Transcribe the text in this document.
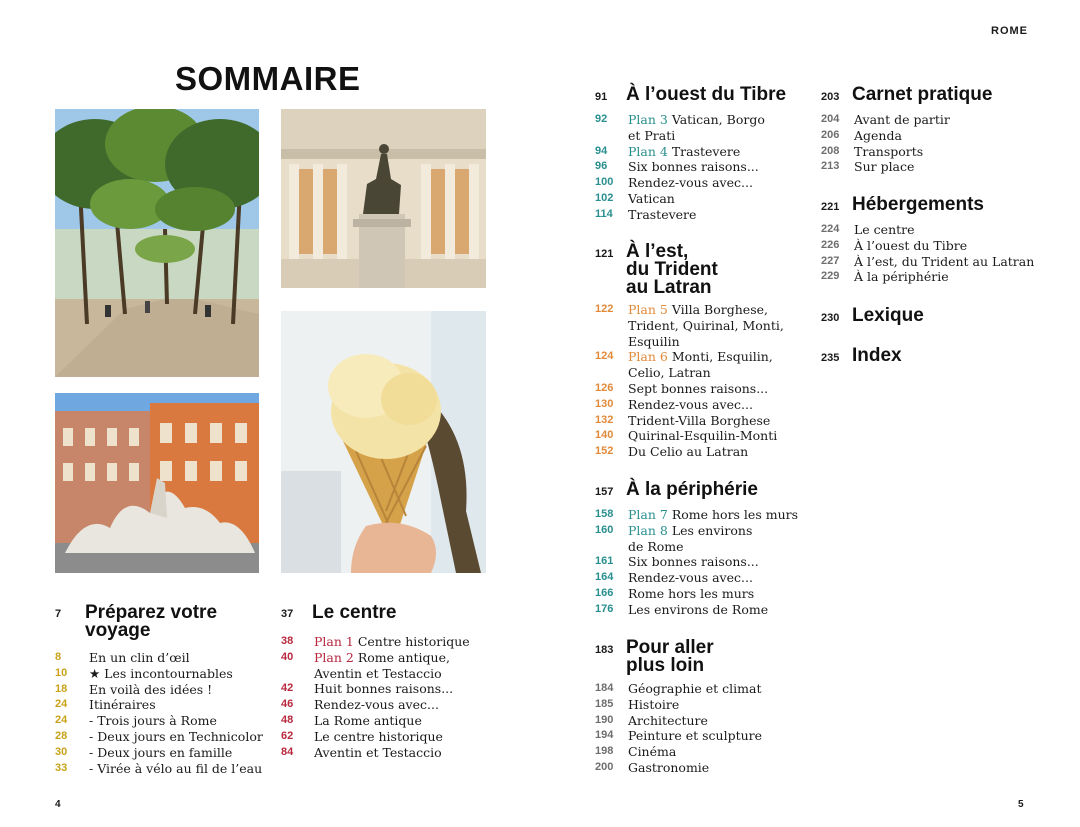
ROME
SOMMAIRE
7 Préparez votre
voyage
8 En un clin d’œil
10 ★ Les incontournables
18 En voilà des idées !
24 Itinéraires
24 - Trois jours à Rome
28 - Deux jours en Technicolor
30 - Deux jours en famille
33 - Virée à vélo au fil de l’eau
37 Le centre
38 Plan 1 Centre historique
40 Plan 2 Rome antique,
Aventin et Testaccio
42 Huit bonnes raisons...
46 Rendez-vous avec...
48 La Rome antique
62 Le centre historique
84 Aventin et Testaccio
91 À l’ouest du Tibre
92 Plan 3 Vatican, Borgo
et Prati
94 Plan 4 Trastevere
96 Six bonnes raisons...
100 Rendez-vous avec...
102 Vatican
114 Trastevere
121 À l’est,
du Trident
au Latran
122 Plan 5 Villa Borghese,
Trident, Quirinal, Monti,
Esquilin
124 Plan 6 Monti, Esquilin,
Celio, Latran
126 Sept bonnes raisons...
130 Rendez-vous avec...
132 Trident-Villa Borghese
140 Quirinal-Esquilin-Monti
152 Du Celio au Latran
157 À la périphérie
158 Plan 7 Rome hors les murs
160 Plan 8 Les environs
de Rome
161 Six bonnes raisons...
164 Rendez-vous avec...
166 Rome hors les murs
176 Les environs de Rome
183 Pour aller
plus loin
184 Géographie et climat
185 Histoire
190 Architecture
194 Peinture et sculpture
198 Cinéma
200 Gastronomie
203 Carnet pratique
204 Avant de partir
206 Agenda
208 Transports
213 Sur place
221 Hébergements
224 Le centre
226 À l’ouest du Tibre
227 À l’est, du Trident au Latran
229 À la périphérie
230 Lexique
235 Index
4	5
